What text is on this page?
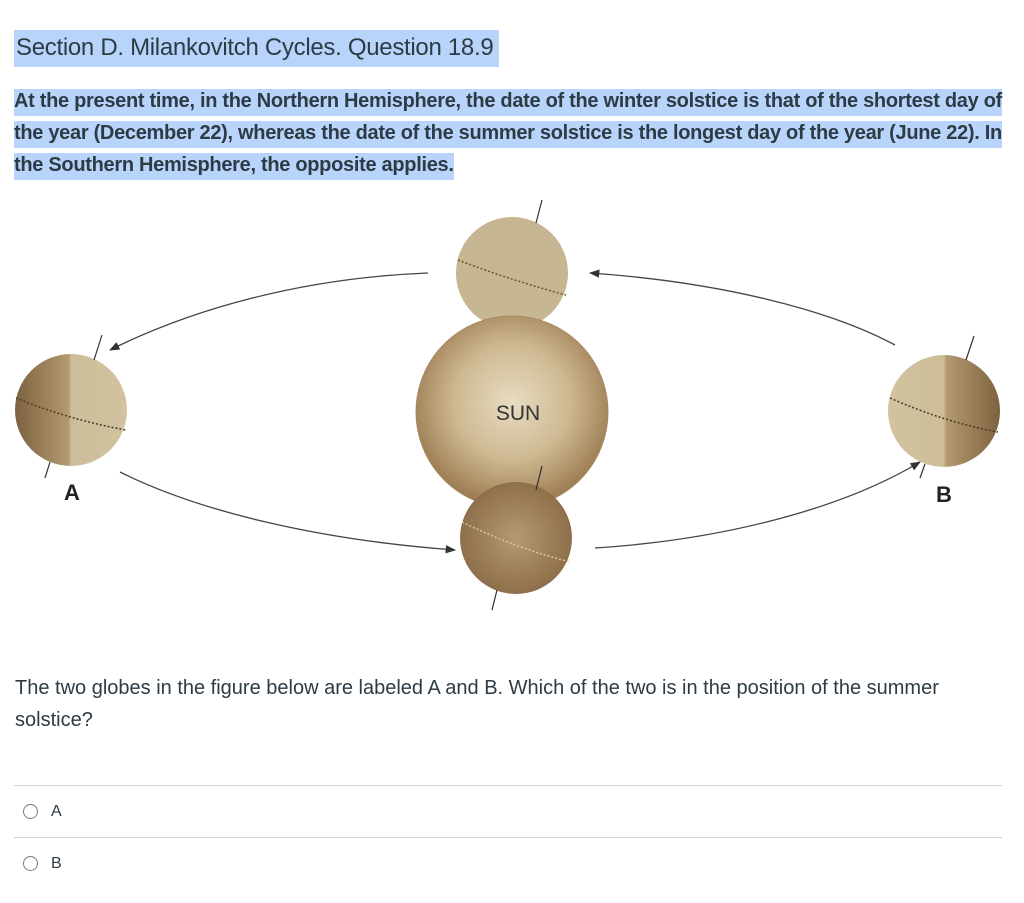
Section D. Milankovitch Cycles. Question 18.9
At the present time, in the Northern Hemisphere, the date of the winter solstice is that of the shortest day of the year (December 22), whereas the date of the summer solstice is the longest day of the year (June 22). In the Southern Hemisphere, the opposite applies.
SUN
A	B
The two globes in the figure below are labeled A and B. Which of the two is in the position of the summer solstice?
A
B
